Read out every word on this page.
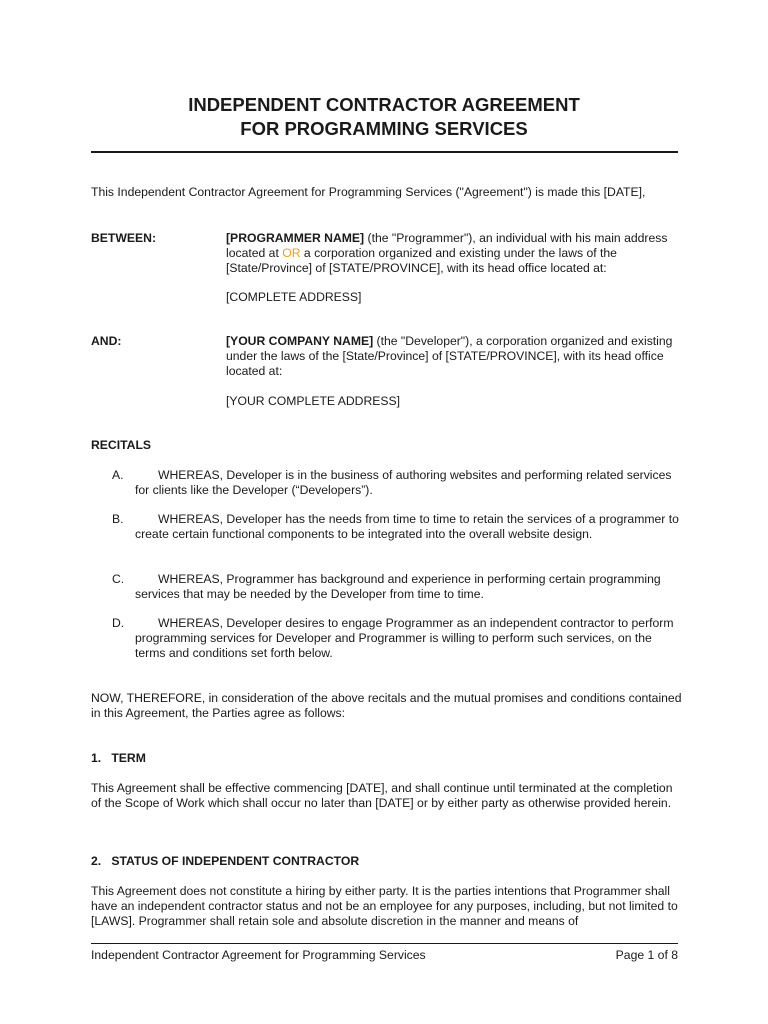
INDEPENDENT CONTRACTOR AGREEMENT
FOR PROGRAMMING SERVICES
This Independent Contractor Agreement for Programming Services ("Agreement") is made this [DATE],
BETWEEN:	[PROGRAMMER NAME] (the "Programmer"), an individual with his main address located at OR a corporation organized and existing under the laws of the [State/Province] of [STATE/PROVINCE], with its head office located at:
[COMPLETE ADDRESS]
AND:	[YOUR COMPANY NAME] (the "Developer"), a corporation organized and existing under the laws of the [State/Province] of [STATE/PROVINCE], with its head office located at:
[YOUR COMPLETE ADDRESS]
RECITALS
A.	WHEREAS, Developer is in the business of authoring websites and performing related services for clients like the Developer (“Developers”).
B.	WHEREAS, Developer has the needs from time to time to retain the services of a programmer to create certain functional components to be integrated into the overall website design.
C.	WHEREAS, Programmer has background and experience in performing certain programming services that may be needed by the Developer from time to time.
D.	WHEREAS, Developer desires to engage Programmer as an independent contractor to perform programming services for Developer and Programmer is willing to perform such services, on the terms and conditions set forth below.
NOW, THEREFORE, in consideration of the above recitals and the mutual promises and conditions contained in this Agreement, the Parties agree as follows:
1.   TERM
This Agreement shall be effective commencing [DATE], and shall continue until terminated at the completion of the Scope of Work which shall occur no later than [DATE] or by either party as otherwise provided herein.
2.   STATUS OF INDEPENDENT CONTRACTOR
This Agreement does not constitute a hiring by either party. It is the parties intentions that Programmer shall have an independent contractor status and not be an employee for any purposes, including, but not limited to [LAWS]. Programmer shall retain sole and absolute discretion in the manner and means of
Independent Contractor Agreement for Programming Services	Page 1 of 8
